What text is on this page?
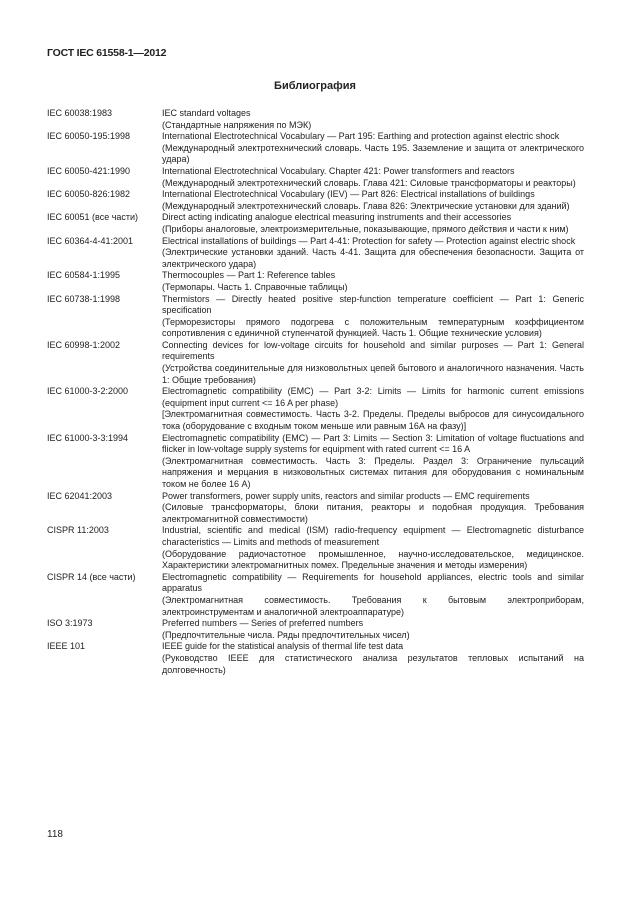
ГОСТ IEC 61558-1—2012
Библиография
IEC 60038:1983	IEC standard voltages
(Стандартные напряжения по МЭК)
IEC 60050-195:1998	International Electrotechnical Vocabulary — Part 195: Earthing and protection against electric shock
(Международный электротехнический словарь. Часть 195. Заземление и защита от электрического удара)
IEC 60050-421:1990	International Electrotechnical Vocabulary. Chapter 421: Power transformers and reactors
(Международный электротехнический словарь. Глава 421: Силовые трансформаторы и реакторы)
IEC 60050-826:1982	International Electrotechnical Vocabulary (IEV) — Part 826: Electrical installations of buildings
(Международный электротехнический словарь. Глава 826: Электрические установки для зданий)
IEC 60051 (все части)	Direct acting indicating analogue electrical measuring instruments and their accessories
(Приборы аналоговые, электроизмерительные, показывающие, прямого действия и части к ним)
IEC 60364-4-41:2001	Electrical installations of buildings — Part 4-41: Protection for safety — Protection against electric shock
(Электрические установки зданий. Часть 4-41. Защита для обеспечения безопасности. Защита от электрического удара)
IEC 60584-1:1995	Thermocouples — Part 1: Reference tables
(Термопары. Часть 1. Справочные таблицы)
IEC 60738-1:1998	Thermistors — Directly heated positive step-function temperature coefficient — Part 1: Generic specification
(Терморезисторы прямого подогрева с положительным температурным коэффициентом сопротивления с единичной ступенчатой функцией. Часть 1. Общие технические условия)
IEC 60998-1:2002	Connecting devices for low-voltage circuits for household and similar purposes — Part 1: General requirements
(Устройства соединительные для низковольтных цепей бытового и аналогичного назначения. Часть 1: Общие требования)
IEC 61000-3-2:2000	Electromagnetic compatibility (EMC) — Part 3-2: Limits — Limits for harmonic current emissions (equipment input current <= 16 A per phase)
[Электромагнитная совместимость. Часть 3-2. Пределы. Пределы выбросов для синусоидального тока (оборудование с входным током меньше или равным 16А на фазу)]
IEC 61000-3-3:1994	Electromagnetic compatibility (EMC) — Part 3: Limits — Section 3: Limitation of voltage fluctuations and flicker in low-voltage supply systems for equipment with rated current <= 16 A
(Электромагнитная совместимость. Часть 3: Пределы. Раздел 3: Ограничение пульсаций напряжения и мерцания в низковольтных системах питания для оборудования с номинальным током не более 16 А)
IEC 62041:2003	Power transformers, power supply units, reactors and similar products — EMC requirements
(Силовые трансформаторы, блоки питания, реакторы и подобная продукция. Требования электромагнитной совместимости)
CISPR 11:2003	Industrial, scientific and medical (ISM) radio-frequency equipment — Electromagnetic disturbance characteristics — Limits and methods of measurement
(Оборудование радиочастотное промышленное, научно-исследовательское, медицинское. Характеристики электромагнитных помех. Предельные значения и методы измерения)
CISPR 14 (все части)	Electromagnetic compatibility — Requirements for household appliances, electric tools and similar apparatus
(Электромагнитная совместимость. Требования к бытовым электроприборам, электроинструментам и аналогичной электроаппаратуре)
ISO 3:1973	Preferred numbers — Series of preferred numbers
(Предпочтительные числа. Ряды предпочтительных чисел)
IEEE 101	IEEE guide for the statistical analysis of thermal life test data
(Руководство IEEE для статистического анализа результатов тепловых испытаний на долговечность)
118
